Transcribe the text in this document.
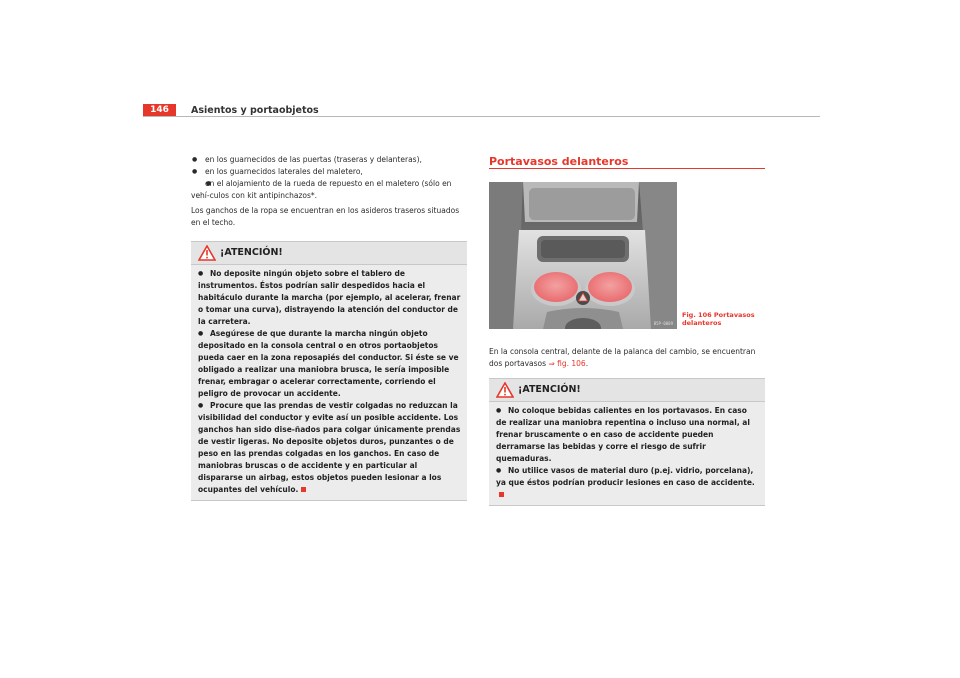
146	Asientos y portaobjetos

● en los guarnecidos de las puertas (traseras y delanteras),

● en los guarnecidos laterales del maletero,

● en el alojamiento de la rueda de repuesto en el maletero (sólo en vehí-culos con kit antipinchazos*.

Los ganchos de la ropa se encuentran en los asideros traseros situados en el techo.

¡ATENCIÓN!

● No deposite ningún objeto sobre el tablero de instrumentos. Éstos podrían salir despedidos hacia el habitáculo durante la marcha (por ejemplo, al acelerar, frenar o tomar una curva), distrayendo la atención del conductor de la carretera.

● Asegúrese de que durante la marcha ningún objeto depositado en la consola central o en otros portaobjetos pueda caer en la zona reposapiés del conductor. Si éste se ve obligado a realizar una maniobra brusca, le sería imposible frenar, embragar o acelerar correctamente, corriendo el peligro de provocar un accidente.

● Procure que las prendas de vestir colgadas no reduzcan la visibilidad del conductor y evite así un posible accidente. Los ganchos han sido dise-ñados para colgar únicamente prendas de vestir ligeras. No deposite objetos duros, punzantes o de peso en las prendas colgadas en los ganchos. En caso de maniobras bruscas o de accidente y en particular al dispararse un airbag, estos objetos pueden lesionar a los ocupantes del vehículo.

Portavasos delanteros
B5P-0089
Fig. 106 Portavasos
delanteros

En la consola central, delante de la palanca del cambio, se encuentran dos portavasos ⇒ fig. 106.

¡ATENCIÓN!

● No coloque bebidas calientes en los portavasos. En caso de realizar una maniobra repentina o incluso una normal, al frenar bruscamente o en caso de accidente pueden derramarse las bebidas y corre el riesgo de sufrir quemaduras.

● No utilice vasos de material duro (p.ej. vidrio, porcelana), ya que éstos podrían producir lesiones en caso de accidente.
